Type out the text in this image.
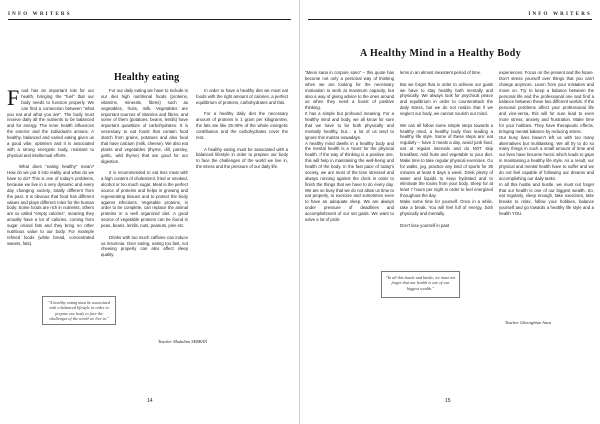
INFO WRITERS
Healthy eating
F ood has an important role for our health, bringing the "fuel" that our body needs to function properly. We can find a connection between "what you eat and what you are". The body must receive daily all the nutrients to be balanced and for energy. The inner health influences the exterior and the individual's actions. A healthy, balanced and varied eating gives us a good vibe, optimism and it is associated with a strong energetic body, resistant to physical and intellectual efforts.

What does "eating healthy" mean? How do we put it into reality and what do we have to do? This is one of today's problems, because we live in a very dynamic and every day changing society, totally different from the past. It is obvious that food has different values and plays different roles for the human body. Some foods are rich in nutrients, others are so called "empty calories", meaning they actually have a lot of calories, coming from sugar or/and fats and they bring no other nutritious value to our body. For example refined foods (white bread, concentrated sweets, fats).

For our daily eating we have to include in our diet high nutritional foods (proteins, vitamins, minerals, fibres) such as vegetables, fruits, milk. Vegetables are important sources of vitamins and fibres, and some of them (potatoes, beans, lentils) have important quantities of carbohydrates. It is necessary to eat foods that contain food starch from grains, potatoes and also food that have calcium (milk, cheese). We also eat plants and vegetables (thyme, dill, parsley, garlic, wild thyme) that are good for our digestion.

It is recommended to eat less meat with a high content of cholesterol, fried or smoked, alcohol or too much sugar. Meat is the perfect source of proteins and helps in growing and regenerating tissues and to protect the body against infections. Vegetable proteins, in order to be complete, can replace the animal proteins in a well organized diet. A good source of vegetable proteins can be found in peas, beans, lentils, nuts, peanuts, pine etc.

Drinks with too much caffeine can induce us insomnia. Over eating, eating too fast, not chewing properly can also affect sleep quality.

In order to have a healthy diet we must eat foods with the right amount of calories, a perfect equilibrium of proteins, carbohydrates and fats.

For a healthy daily diet the necessary amount of proteins is 1 gram per kilogramme, the fats are like 25-30% of the whole energetic contribution and the carbohydrates cover the rest.

A healthy eating must be associated with a balanced lifestyle in order to prepare our body to face the challenges of the world we live in, the stress and the pressure of our daily life.

"A healthy eating must be associated with a balanced lifestyle in order to prepare our body to face the challenges of the world we live in."
Teacher Madalina SERBAN
14
INFO WRITERS
A Healthy Mind in a Healthy Body

"Mens sana in corpore sano" – this quote has become not only a personal way of thinking when we are looking for the necessary motivation to work at maximum capacity, but also a way of giving advice to the ones around us when they need a boost of positive thinking.

It has a simple but profound meaning. For a healthy mind and body, we all know for sure that we have to be both physically and mentally healthy, but… a lot of us tend to ignore this mantra nowadays.

A healthy mind dwells in a healthy body and the mental health is a 'must' for the physical health. If the way of thinking is a positive one, this will help in maintaining the well-being and health of the body. In the fast pace of today's society, we are most of the time stressed and always running against the clock in order to finish the things that we have to do every day. We are so busy that we do not allow us time to eat properly, to exercise and sometimes even to have an adequate sleep. We are always under pressure of deadlines and accomplishment of our set goals. We want to solve a lot of prob-

lems in an almost inexistent period of time.

But we forget that in order to achieve our goals we have to stay healthy both mentally and physically. We always look for psychical peace and equilibrium in order to counterattack the daily stress, but we do not realize that if we neglect our body, we cannot nourish our mind.

We can all follow some simple steps towards a healthy mind, a healthy body thus leading a healthy life style. Some of these steps are: eat regularly – have 3 meals a day, avoid junk food, eat at regular intervals and do NOT skip breakfast. Add fruits and vegetable to your diet. Make time to take regular physical exercises. Go for walks, jog, practice any kind of sports for 30 minutes at least 5 days a week. Drink plenty of water and liquids to keep hydrated and to eliminate the toxins from your body. Sleep for at least 7 hours per night in order to feel energized throughout the day.

Make some time for yourself. Once in a while, take a break. You will feel full of energy, both physically and mentally.

Don't lose yourself in past

experiences. Focus on the present and the future. Don't stress yourself over things that you can't change anymore. Learn from your mistakes and move on. Try to keep a balance between the personal life and the professional one and find a balance between these two different worlds. If the personal problems affect your professional life and vice-versa, this will for sure lead to even more stress, anxiety and frustration. Make time for your hobbies. They have therapeutic effects, bringing mental balance by reducing stress.

Our busy lives haven't left us with too many alternatives but multitasking. We all try to do so many things in such a small amount of time and our lives have become hectic which leads to gaps in maintaining a healthy life style. As a result, our physical and mental health have to suffer and we do not feel capable of following our dreams and accomplishing our daily tasks.

In all this hustle and bustle, we must not forget that our health is one of our biggest wealth. So, eat regularly, sleep enough, take exercises, take breaks to relax, follow your hobbies, balance yourself and go towards a healthy life style and a health YOU.

"In all this hustle and bustle, we must not forget that our health is one of our biggest wealth."
Teacher Gheorghiun Anca
15
